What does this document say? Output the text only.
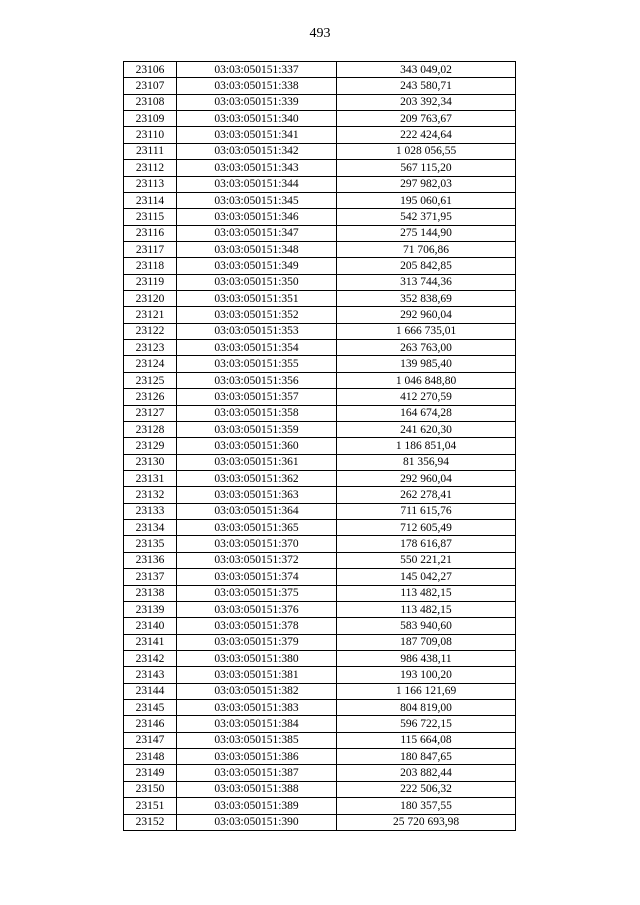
493
23106	03:03:050151:337	343 049,02
23107	03:03:050151:338	243 580,71
23108	03:03:050151:339	203 392,34
23109	03:03:050151:340	209 763,67
23110	03:03:050151:341	222 424,64
23111	03:03:050151:342	1 028 056,55
23112	03:03:050151:343	567 115,20
23113	03:03:050151:344	297 982,03
23114	03:03:050151:345	195 060,61
23115	03:03:050151:346	542 371,95
23116	03:03:050151:347	275 144,90
23117	03:03:050151:348	71 706,86
23118	03:03:050151:349	205 842,85
23119	03:03:050151:350	313 744,36
23120	03:03:050151:351	352 838,69
23121	03:03:050151:352	292 960,04
23122	03:03:050151:353	1 666 735,01
23123	03:03:050151:354	263 763,00
23124	03:03:050151:355	139 985,40
23125	03:03:050151:356	1 046 848,80
23126	03:03:050151:357	412 270,59
23127	03:03:050151:358	164 674,28
23128	03:03:050151:359	241 620,30
23129	03:03:050151:360	1 186 851,04
23130	03:03:050151:361	81 356,94
23131	03:03:050151:362	292 960,04
23132	03:03:050151:363	262 278,41
23133	03:03:050151:364	711 615,76
23134	03:03:050151:365	712 605,49
23135	03:03:050151:370	178 616,87
23136	03:03:050151:372	550 221,21
23137	03:03:050151:374	145 042,27
23138	03:03:050151:375	113 482,15
23139	03:03:050151:376	113 482,15
23140	03:03:050151:378	583 940,60
23141	03:03:050151:379	187 709,08
23142	03:03:050151:380	986 438,11
23143	03:03:050151:381	193 100,20
23144	03:03:050151:382	1 166 121,69
23145	03:03:050151:383	804 819,00
23146	03:03:050151:384	596 722,15
23147	03:03:050151:385	115 664,08
23148	03:03:050151:386	180 847,65
23149	03:03:050151:387	203 882,44
23150	03:03:050151:388	222 506,32
23151	03:03:050151:389	180 357,55
23152	03:03:050151:390	25 720 693,98
